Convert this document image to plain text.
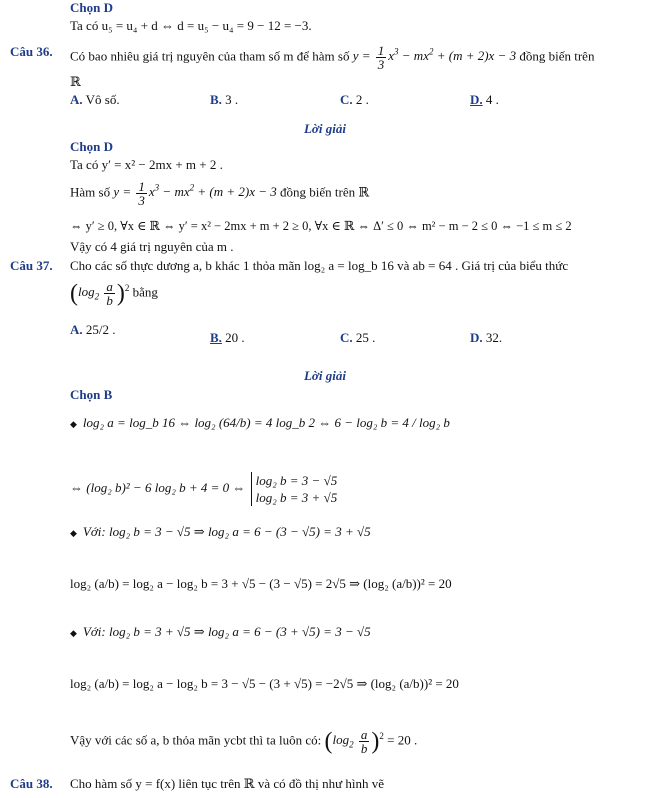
Chọn D
Ta có u₅ = u₄ + d ⇔ d = u₅ − u₄ = 9 − 12 = −3.
Câu 36. Có bao nhiêu giá trị nguyên của tham số m để hàm số $y = \frac{1}{3} x^3 - mx^2 + (m + 2)x - 3$ đồng biến trên
ℝ
A. Vô số.	B. 3 .	C. 2 .	D. 4 .
Lời giải
Chọn D
Ta có y′ = x² − 2mx + m + 2 .
Hàm số $y = \frac{1}{3} x^3 - mx^2 + (m + 2)x - 3$ đồng biến trên ℝ
⇔ y′ ≥ 0, ∀x ∈ ℝ ⇔ y′ = x² − 2mx + m + 2 ≥ 0, ∀x ∈ ℝ ⇔ Δ′ ≤ 0 ⇔ m² − m − 2 ≤ 0 ⇔ −1 ≤ m ≤ 2
Vậy có 4 giá trị nguyên của m .
Câu 37. Cho các số thực dương a, b khác 1 thỏa mãn log₂ a = log_b 16 và ab = 64 . Giá trị của biểu thức
$(\log_2 \frac{a}{b} )^2$ bằng
A. 25/2 .
B. 20 .	C. 25 .	D. 32.
Lời giải
Chọn B
◆ log₂ a = log_b 16 ⇔ log₂ (64/b) = 4 log_b 2 ⇔ 6 − log₂ b = 4 / log₂ b
⇔ (log₂ b)² − 6 log₂ b + 4 = 0 ⇔ log₂ b = 3 − √5
log₂ b = 3 + √5
◆ Với: log₂ b = 3 − √5 ⇒ log₂ a = 6 − (3 − √5) = 3 + √5
log₂ (a/b) = log₂ a − log₂ b = 3 + √5 − (3 − √5) = 2√5 ⇒ (log₂ (a/b))² = 20
◆ Với: log₂ b = 3 + √5 ⇒ log₂ a = 6 − (3 + √5) = 3 − √5
log₂ (a/b) = log₂ a − log₂ b = 3 − √5 − (3 + √5) = −2√5 ⇒ (log₂ (a/b))² = 20
Vậy với các số a, b thỏa mãn ycbt thì ta luôn có: $(\log_2 \frac{a}{b} )^2 = 20$ .
Câu 38. Cho hàm số y = f(x) liên tục trên ℝ và có đồ thị như hình vẽ
